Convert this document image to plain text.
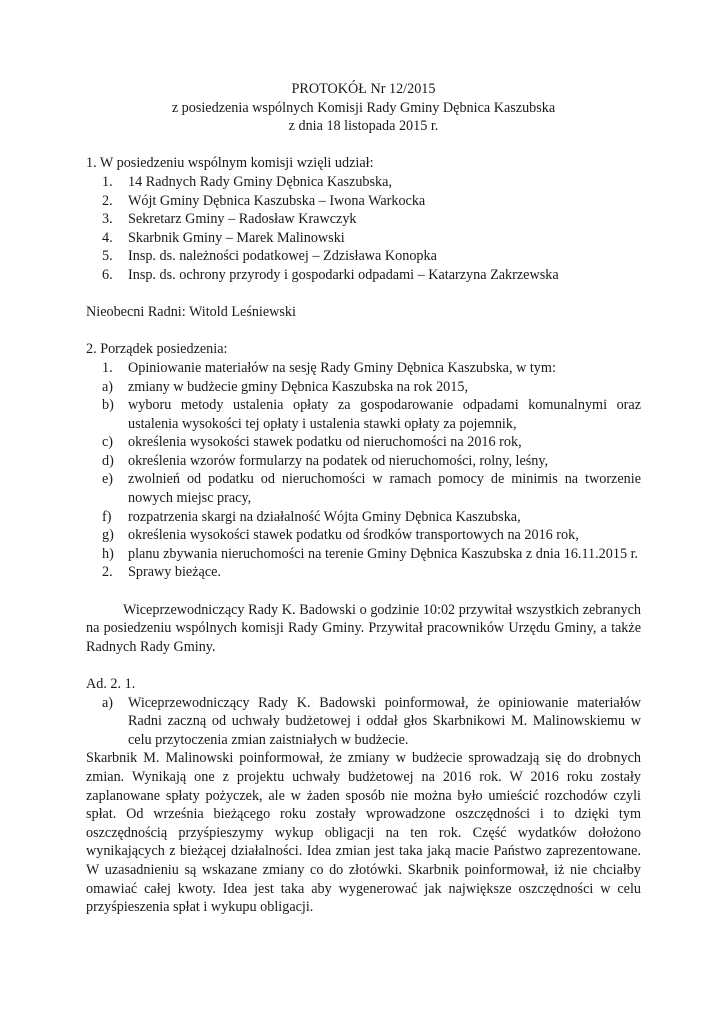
PROTOKÓŁ Nr 12/2015

z posiedzenia wspólnych Komisji Rady Gminy Dębnica Kaszubska

z dnia 18 listopada 2015 r.

1. W posiedzeniu wspólnym komisji wzięli udział:

1. 14 Radnych Rady Gminy Dębnica Kaszubska,
2. Wójt Gminy Dębnica Kaszubska – Iwona Warkocka
3. Sekretarz Gminy – Radosław Krawczyk
4. Skarbnik Gminy – Marek Malinowski
5. Insp. ds. należności podatkowej – Zdzisława Konopka
6. Insp. ds. ochrony przyrody i gospodarki odpadami – Katarzyna Zakrzewska

Nieobecni Radni: Witold Leśniewski

2. Porządek posiedzenia:

1. Opiniowanie materiałów na sesję Rady Gminy Dębnica Kaszubska, w tym:
a) zmiany w budżecie gminy Dębnica Kaszubska na rok 2015,
b) wyboru metody ustalenia opłaty za gospodarowanie odpadami komunalnymi oraz ustalenia wysokości tej opłaty i ustalenia stawki opłaty za pojemnik,
c) określenia wysokości stawek podatku od nieruchomości na 2016 rok,
d) określenia wzorów formularzy na podatek od nieruchomości, rolny, leśny,
e) zwolnień od podatku od nieruchomości w ramach pomocy de minimis na tworzenie nowych miejsc pracy,
f) rozpatrzenia skargi na działalność Wójta Gminy Dębnica Kaszubska,
g) określenia wysokości stawek podatku od środków transportowych na 2016 rok,
h) planu zbywania nieruchomości na terenie Gminy Dębnica Kaszubska z dnia 16.11.2015 r.
2. Sprawy bieżące.

Wiceprzewodniczący Rady K. Badowski o godzinie 10:02 przywitał wszystkich zebranych na posiedzeniu wspólnych komisji Rady Gminy. Przywitał pracowników Urzędu Gminy, a także Radnych Rady Gminy.

Ad. 2. 1.

a) Wiceprzewodniczący Rady K. Badowski poinformował, że opiniowanie materiałów Radni zaczną od uchwały budżetowej i oddał głos Skarbnikowi M. Malinowskiemu w celu przytoczenia zmian zaistniałych w budżecie.

Skarbnik M. Malinowski poinformował, że zmiany w budżecie sprowadzają się do drobnych zmian. Wynikają one z projektu uchwały budżetowej na 2016 rok. W 2016 roku zostały zaplanowane spłaty pożyczek, ale w żaden sposób nie można było umieścić rozchodów czyli spłat. Od września bieżącego roku zostały wprowadzone oszczędności i to dzięki tym oszczędnością przyśpieszymy wykup obligacji na ten rok. Część wydatków dołożono wynikających z bieżącej działalności. Idea zmian jest taka jaką macie Państwo zaprezentowane. W uzasadnieniu są wskazane zmiany co do złotówki. Skarbnik poinformował, iż nie chciałby omawiać całej kwoty. Idea jest taka aby wygenerować jak największe oszczędności w celu przyśpieszenia spłat i wykupu obligacji.
